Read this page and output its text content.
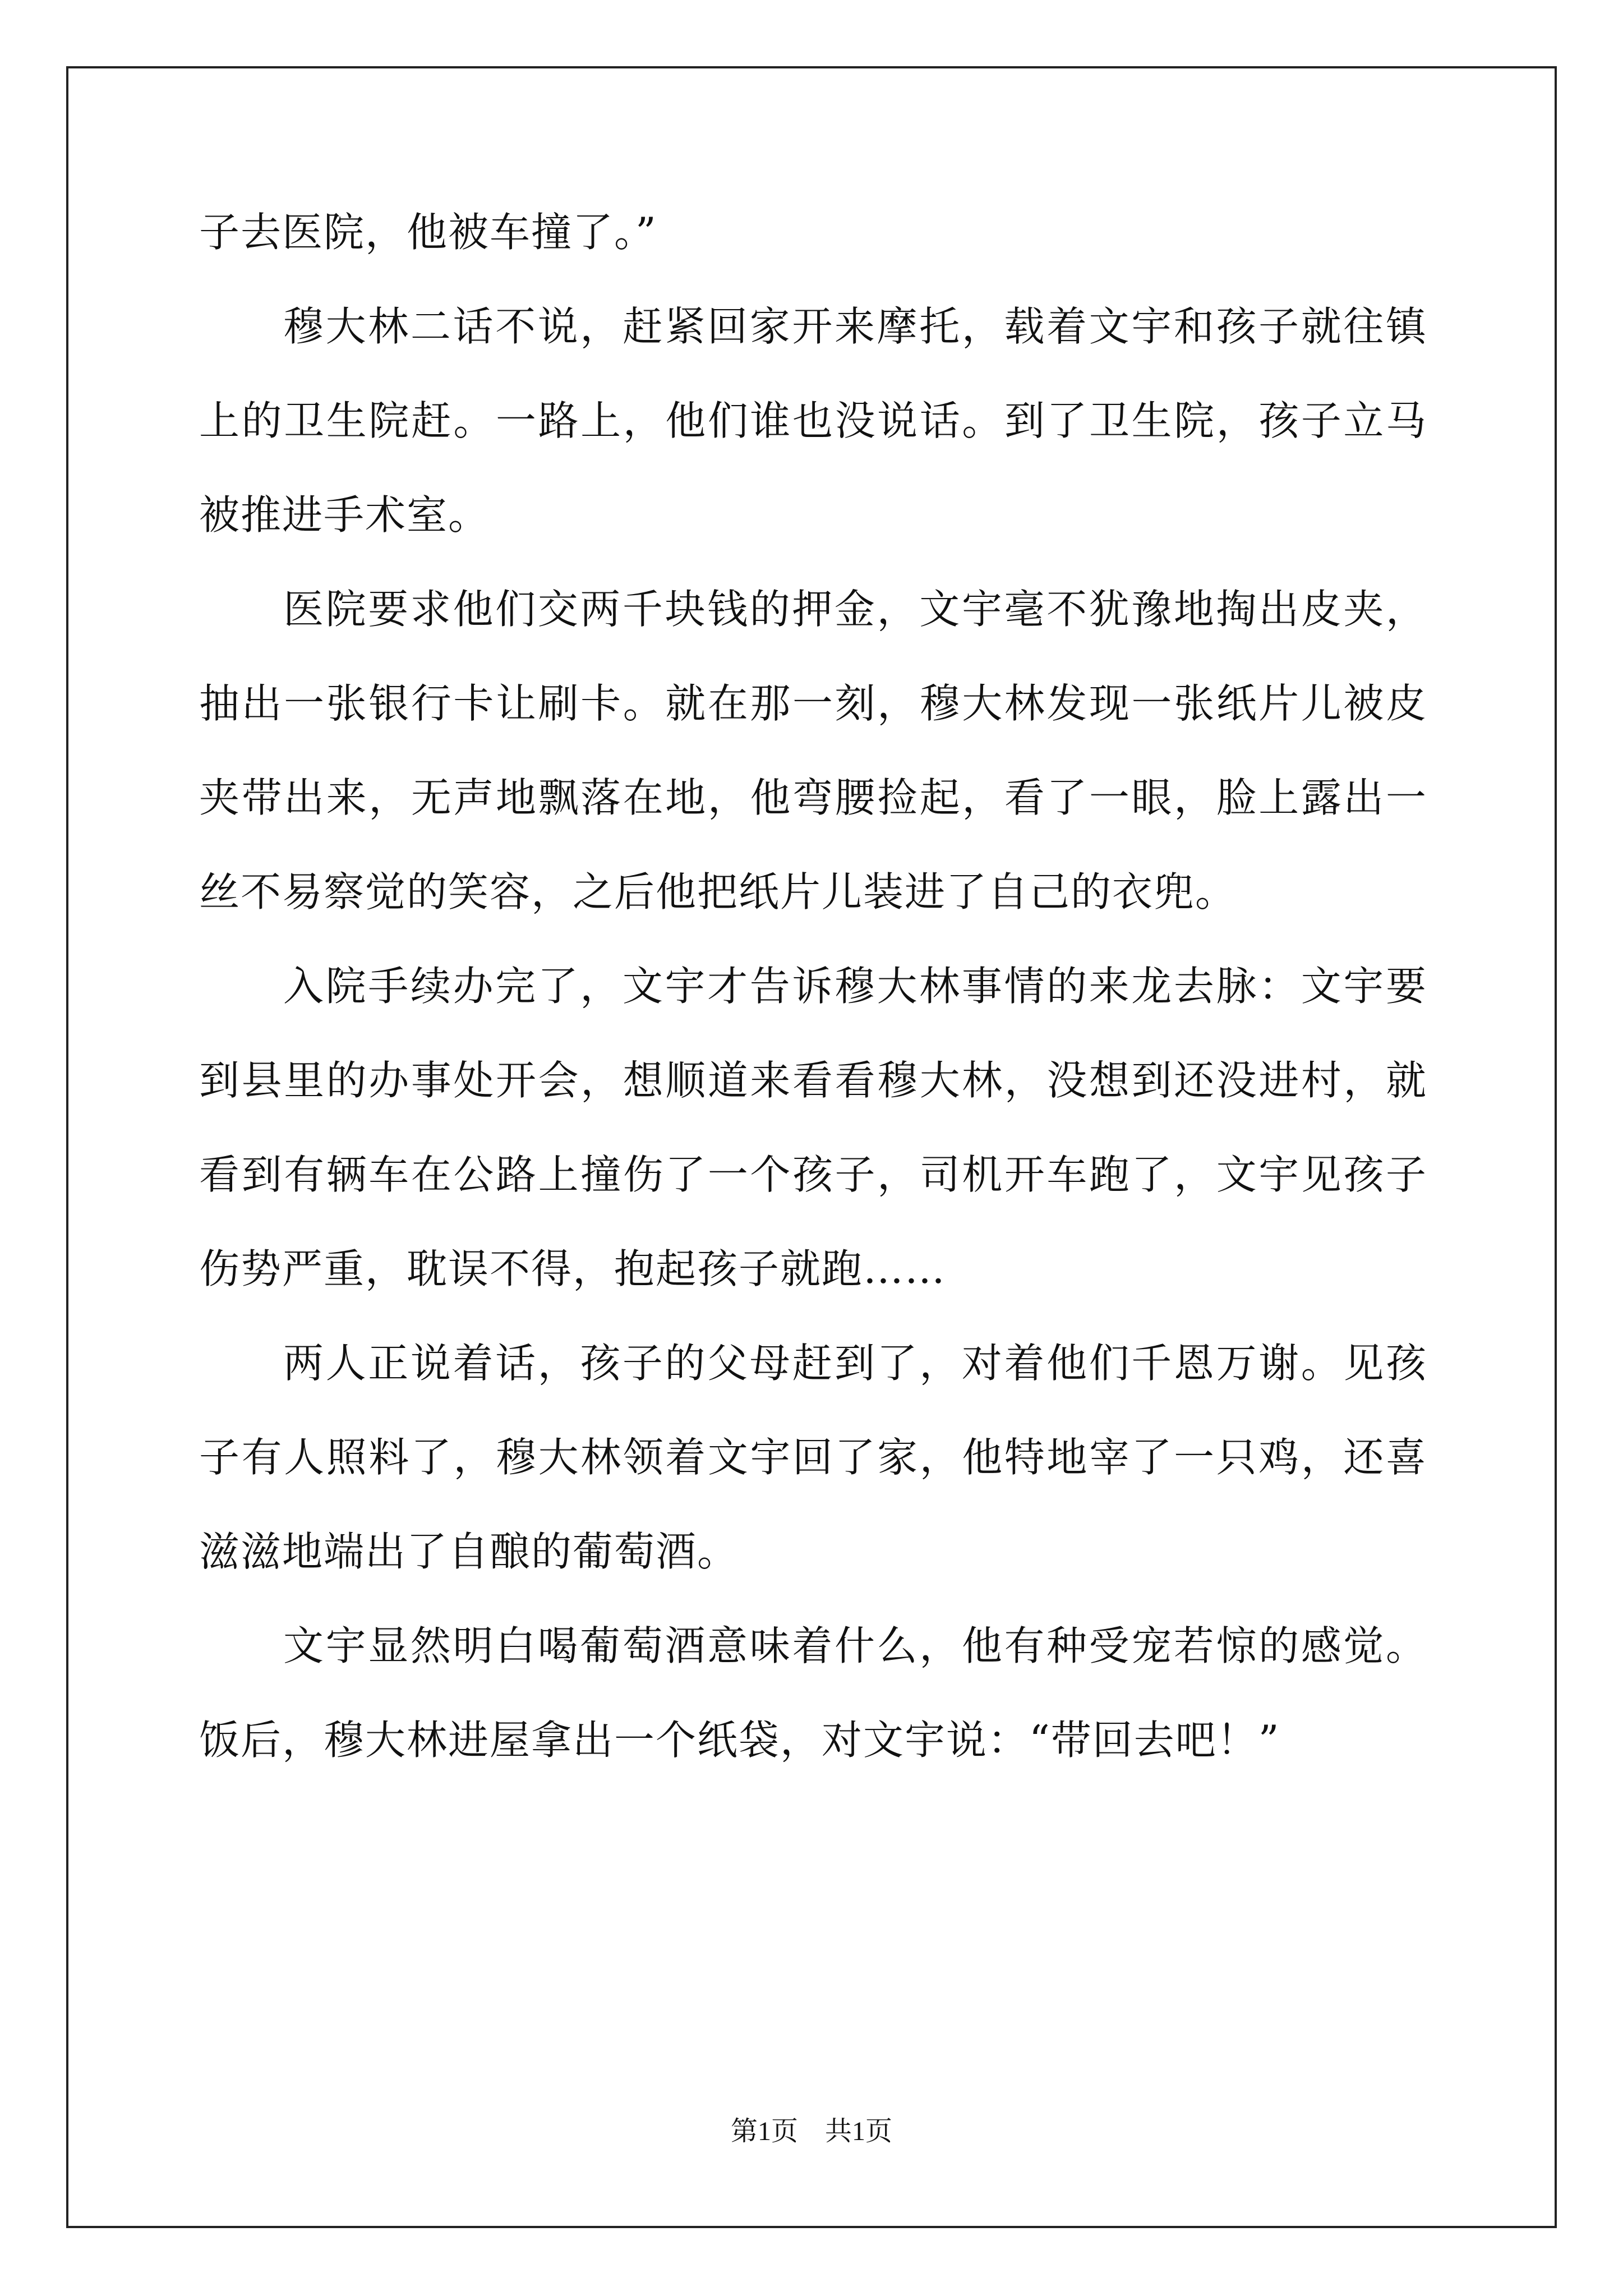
子去医院，他被车撞了。”

穆大林二话不说，赶紧回家开来摩托，载着文宇和孩子就往镇上的卫生院赶。一路上，他们谁也没说话。到了卫生院，孩子立马被推进手术室。

医院要求他们交两千块钱的押金，文宇毫不犹豫地掏出皮夹，抽出一张银行卡让刷卡。就在那一刻，穆大林发现一张纸片儿被皮夹带出来，无声地飘落在地，他弯腰捡起，看了一眼，脸上露出一丝不易察觉的笑容，之后他把纸片儿装进了自己的衣兜。

入院手续办完了，文宇才告诉穆大林事情的来龙去脉：文宇要到县里的办事处开会，想顺道来看看穆大林，没想到还没进村，就看到有辆车在公路上撞伤了一个孩子，司机开车跑了，文宇见孩子伤势严重，耽误不得，抱起孩子就跑……

两人正说着话，孩子的父母赶到了，对着他们千恩万谢。见孩子有人照料了，穆大林领着文宇回了家，他特地宰了一只鸡，还喜滋滋地端出了自酿的葡萄酒。

文宇显然明白喝葡萄酒意味着什么，他有种受宠若惊的感觉。饭后，穆大林进屋拿出一个纸袋，对文宇说：“带回去吧！”

第1页 共1页
